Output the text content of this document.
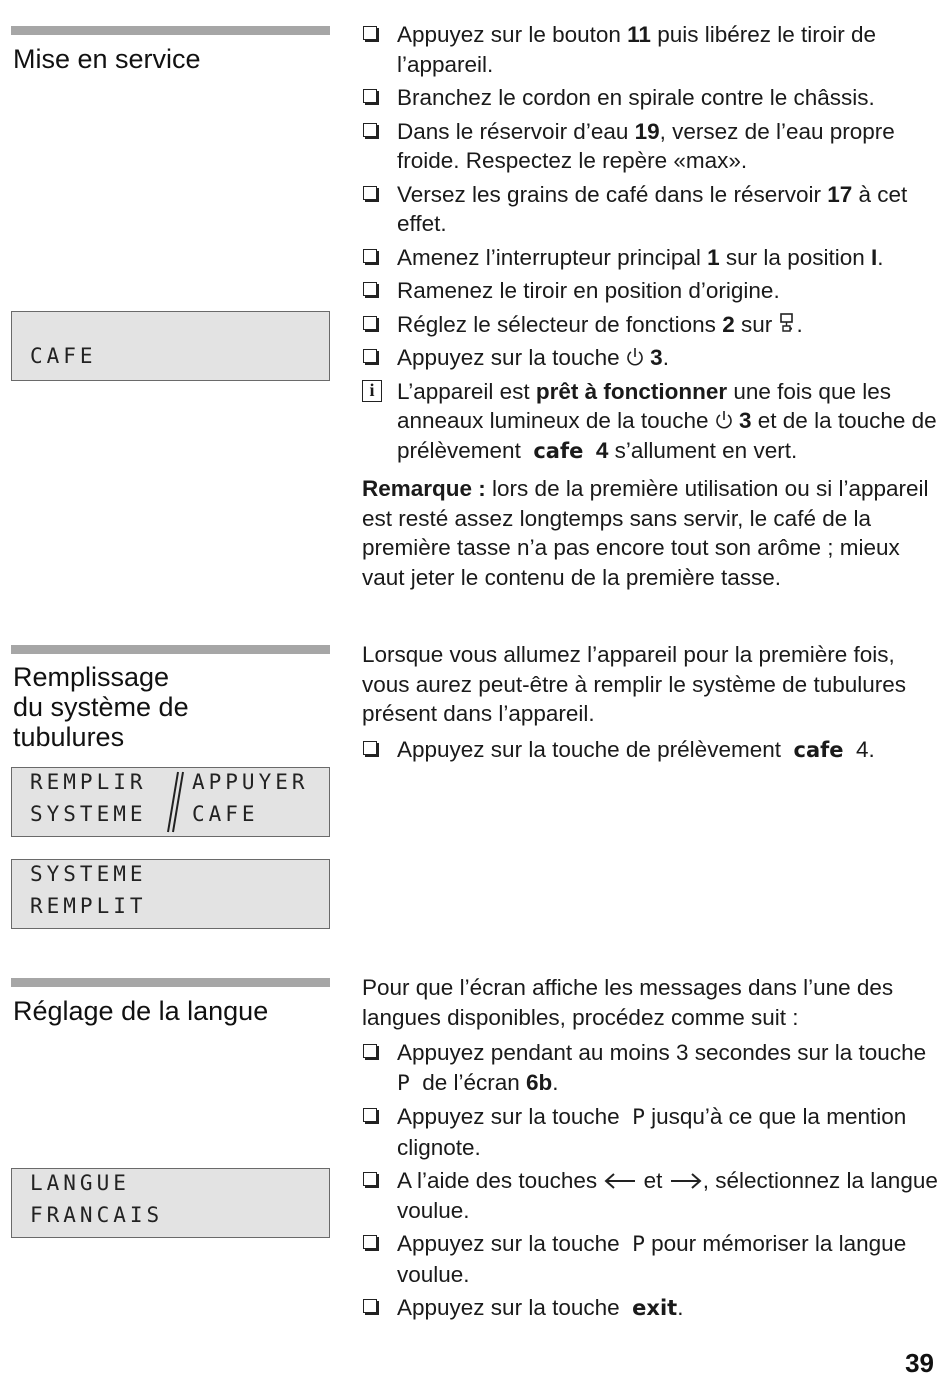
Mise en service
CAFE
Remplissage
du système de
tubulures
REMPLIR
SYSTEME
APPUYER
CAFE
SYSTEME
REMPLIT
Réglage de la langue
LANGUE
FRANCAIS
Appuyez sur le bouton 11 puis libérez le tiroir de l’appareil.
Branchez le cordon en spirale contre le châssis.
Dans le réservoir d’eau 19, versez de l’eau propre froide. Respectez le repère «max».
Versez les grains de café dans le réservoir 17 à cet effet.
Amenez l’interrupteur principal 1 sur la position I.
Ramenez le tiroir en position d’origine.
Réglez le sélecteur de fonctions 2 sur .
Appuyez sur la touche 3.
i	L’appareil est prêt à fonctionner une fois que les anneaux lumineux de la touche 3 et de la touche de prélèvement cafe 4 s’allument en vert.

Remarque : lors de la première utilisation ou si l’appareil est resté assez longtemps sans servir, le café de la première tasse n’a pas encore tout son arôme ; mieux vaut jeter le contenu de la première tasse.

Lorsque vous allumez l’appareil pour la première fois, vous aurez peut-être à remplir le système de tubulures présent dans l’appareil.

Appuyez sur la touche de prélèvement cafe 4.

Pour que l’écran affiche les messages dans l’une des langues disponibles, procédez comme suit :

Appuyez pendant au moins 3 secondes sur la touche  P  de l’écran 6b.
Appuyez sur la touche P jusqu’à ce que la mention clignote.
A l’aide des touches  et , sélectionnez la langue voulue.
Appuyez sur la touche P pour mémoriser la langue voulue.
Appuyez sur la touche exit.
39
